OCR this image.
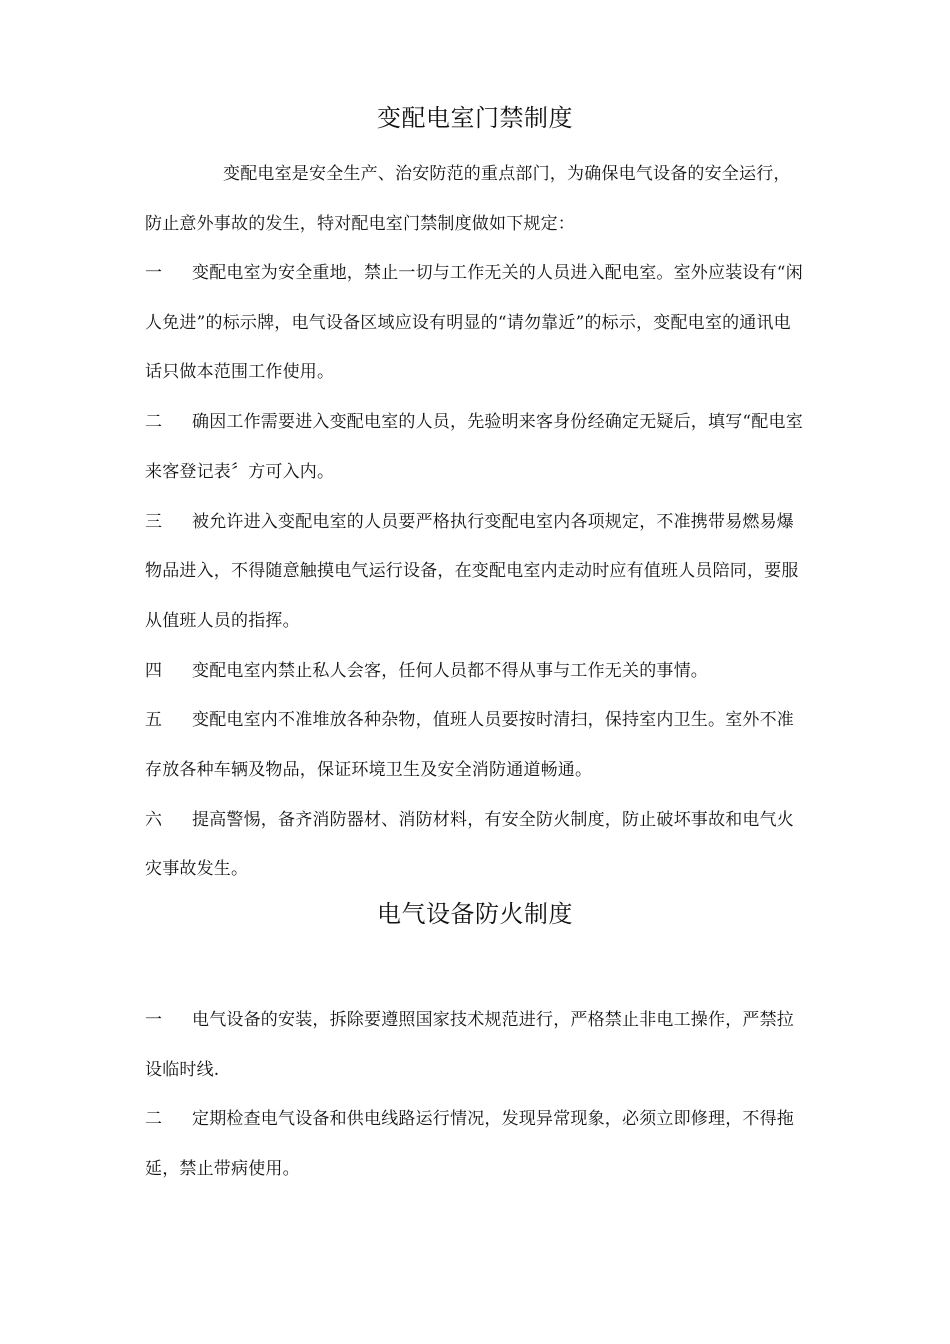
变配电室门禁制度

变配电室是安全生产、治安防范的重点部门，为确保电气设备的安全运行，防止意外事故的发生，特对配电室门禁制度做如下规定：

一 变配电室为安全重地，禁止一切与工作无关的人员进入配电室。室外应装设有“闲人免进”的标示牌，电气设备区域应设有明显的“请勿靠近”的标示，变配电室的通讯电话只做本范围工作使用。

二 确因工作需要进入变配电室的人员，先验明来客身份经确定无疑后，填写“配电室来客登记表〞方可入内。

三 被允许进入变配电室的人员要严格执行变配电室内各项规定，不准携带易燃易爆物品进入，不得随意触摸电气运行设备，在变配电室内走动时应有值班人员陪同，要服从值班人员的指挥。

四 变配电室内禁止私人会客，任何人员都不得从事与工作无关的事情。

五 变配电室内不准堆放各种杂物，值班人员要按时清扫，保持室内卫生。室外不准存放各种车辆及物品，保证环境卫生及安全消防通道畅通。

六 提高警惕，备齐消防器材、消防材料，有安全防火制度，防止破坏事故和电气火灾事故发生。

电气设备防火制度

一 电气设备的安装，拆除要遵照国家技术规范进行，严格禁止非电工操作，严禁拉设临时线.

二 定期检查电气设备和供电线路运行情况，发现异常现象，必须立即修理，不得拖延，禁止带病使用。
